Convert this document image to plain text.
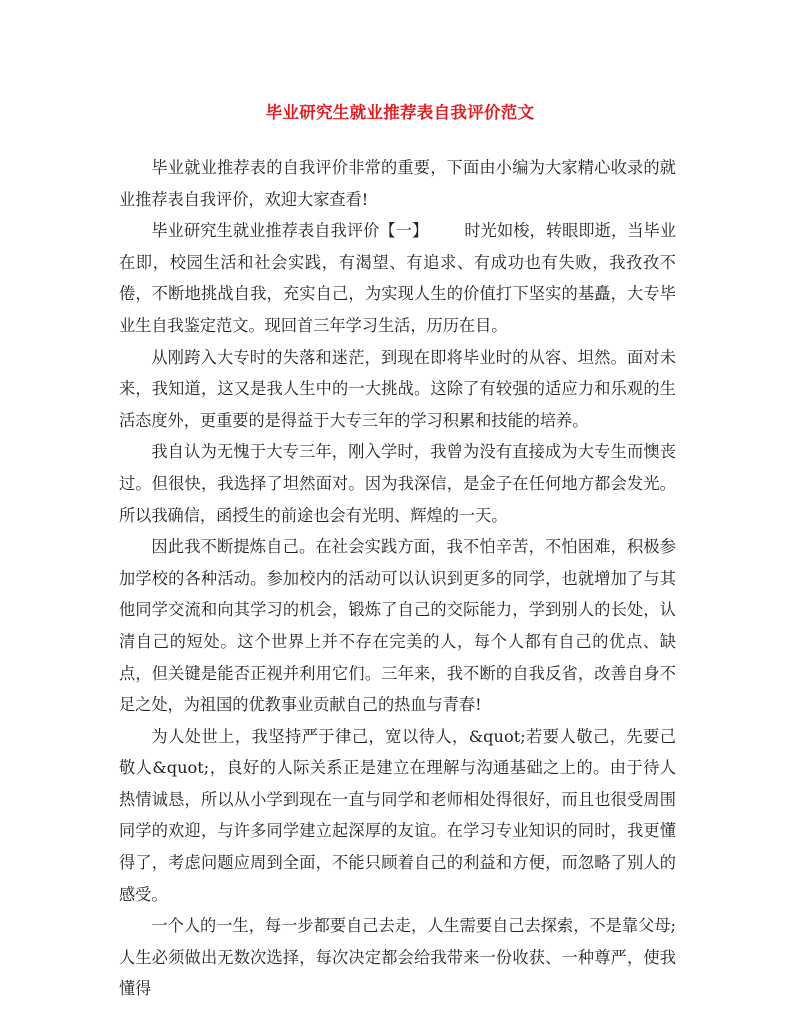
毕业研究生就业推荐表自我评价范文

毕业就业推荐表的自我评价非常的重要，下面由小编为大家精心收录的就业推荐表自我评价，欢迎大家查看!

毕业研究生就业推荐表自我评价【一】 时光如梭，转眼即逝，当毕业在即，校园生活和社会实践，有渴望、有追求、有成功也有失败，我孜孜不倦，不断地挑战自我，充实自己，为实现人生的价值打下坚实的基矗，大专毕业生自我鉴定范文。现回首三年学习生活，历历在目。

从刚跨入大专时的失落和迷茫，到现在即将毕业时的从容、坦然。面对未来，我知道，这又是我人生中的一大挑战。这除了有较强的适应力和乐观的生活态度外，更重要的是得益于大专三年的学习积累和技能的培养。

我自认为无愧于大专三年，刚入学时，我曾为没有直接成为大专生而懊丧过。但很快，我选择了坦然面对。因为我深信，是金子在任何地方都会发光。所以我确信，函授生的前途也会有光明、辉煌的一天。

因此我不断提炼自己。在社会实践方面，我不怕辛苦，不怕困难，积极参加学校的各种活动。参加校内的活动可以认识到更多的同学，也就增加了与其他同学交流和向其学习的机会，锻炼了自己的交际能力，学到别人的长处，认清自己的短处。这个世界上并不存在完美的人，每个人都有自己的优点、缺点，但关键是能否正视并利用它们。三年来，我不断的自我反省，改善自身不足之处，为祖国的优教事业贡献自己的热血与青春!

为人处世上，我坚持严于律己，宽以待人，&quot;若要人敬己，先要己敬人&quot;，良好的人际关系正是建立在理解与沟通基础之上的。由于待人热情诚恳，所以从小学到现在一直与同学和老师相处得很好，而且也很受周围同学的欢迎，与许多同学建立起深厚的友谊。在学习专业知识的同时，我更懂得了，考虑问题应周到全面，不能只顾着自己的利益和方便，而忽略了别人的感受。

一个人的一生，每一步都要自己去走，人生需要自己去探索，不是靠父母;人生必须做出无数次选择，每次决定都会给我带来一份收获、一种尊严，使我懂得
